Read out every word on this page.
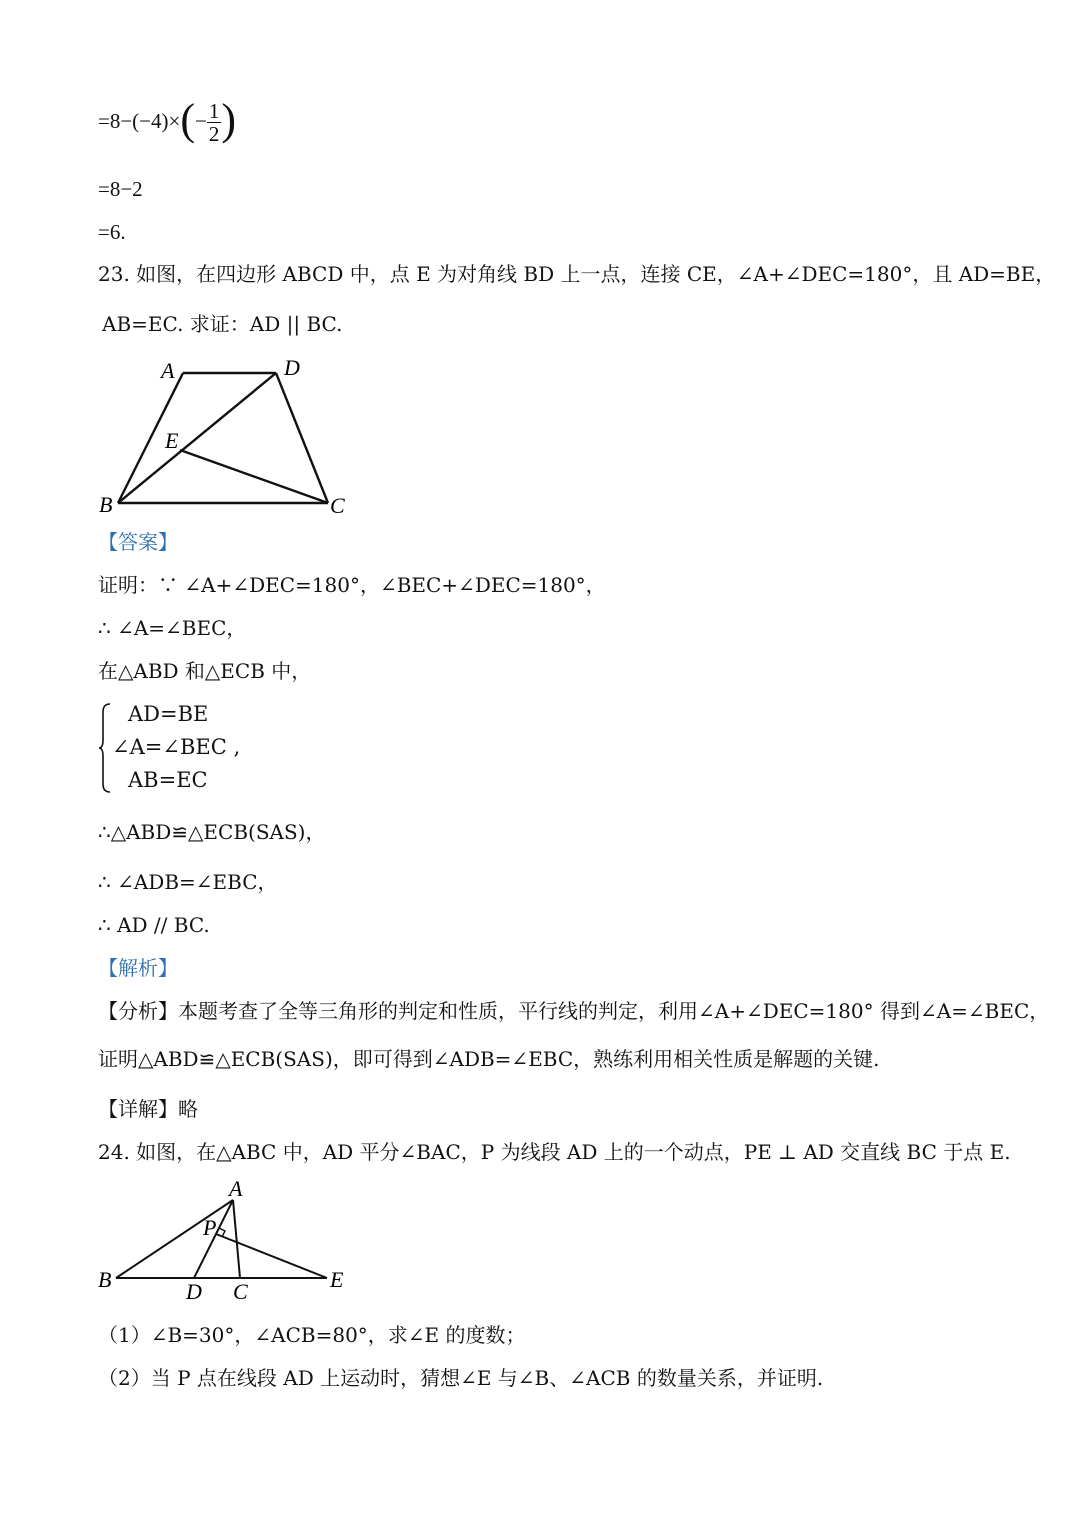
$=8-(-4)\times(- \frac{1}{2}$ )
=8−2
=6.
23. 如图，在四边形 ABCD 中，点 E 为对角线 BD 上一点，连接 CE，∠A+∠DEC=180°，且 AD=BE，
AB=EC. 求证：AD || BC.
A	D
E
B	C
【答案】
证明：∵ ∠A+∠DEC=180°，∠BEC+∠DEC=180°，
∴ ∠A=∠BEC，
在△ABD 和△ECB 中，
AD=BE
∠A=∠BEC ,
AB=EC
∴△ABD≌△ECB(SAS)，
∴ ∠ADB=∠EBC，
∴ AD // BC.
【解析】
【分析】本题考查了全等三角形的判定和性质，平行线的判定，利用∠A+∠DEC=180° 得到∠A=∠BEC，
证明△ABD≌△ECB(SAS)，即可得到∠ADB=∠EBC，熟练利用相关性质是解题的关键.
【详解】略
24. 如图，在△ABC 中，AD 平分∠BAC，P 为线段 AD 上的一个动点，PE ⊥ AD 交直线 BC 于点 E.
A
P
B	D C	E
（1）∠B=30°，∠ACB=80°，求∠E 的度数；
（2）当 P 点在线段 AD 上运动时，猜想∠E 与∠B、∠ACB 的数量关系，并证明.
